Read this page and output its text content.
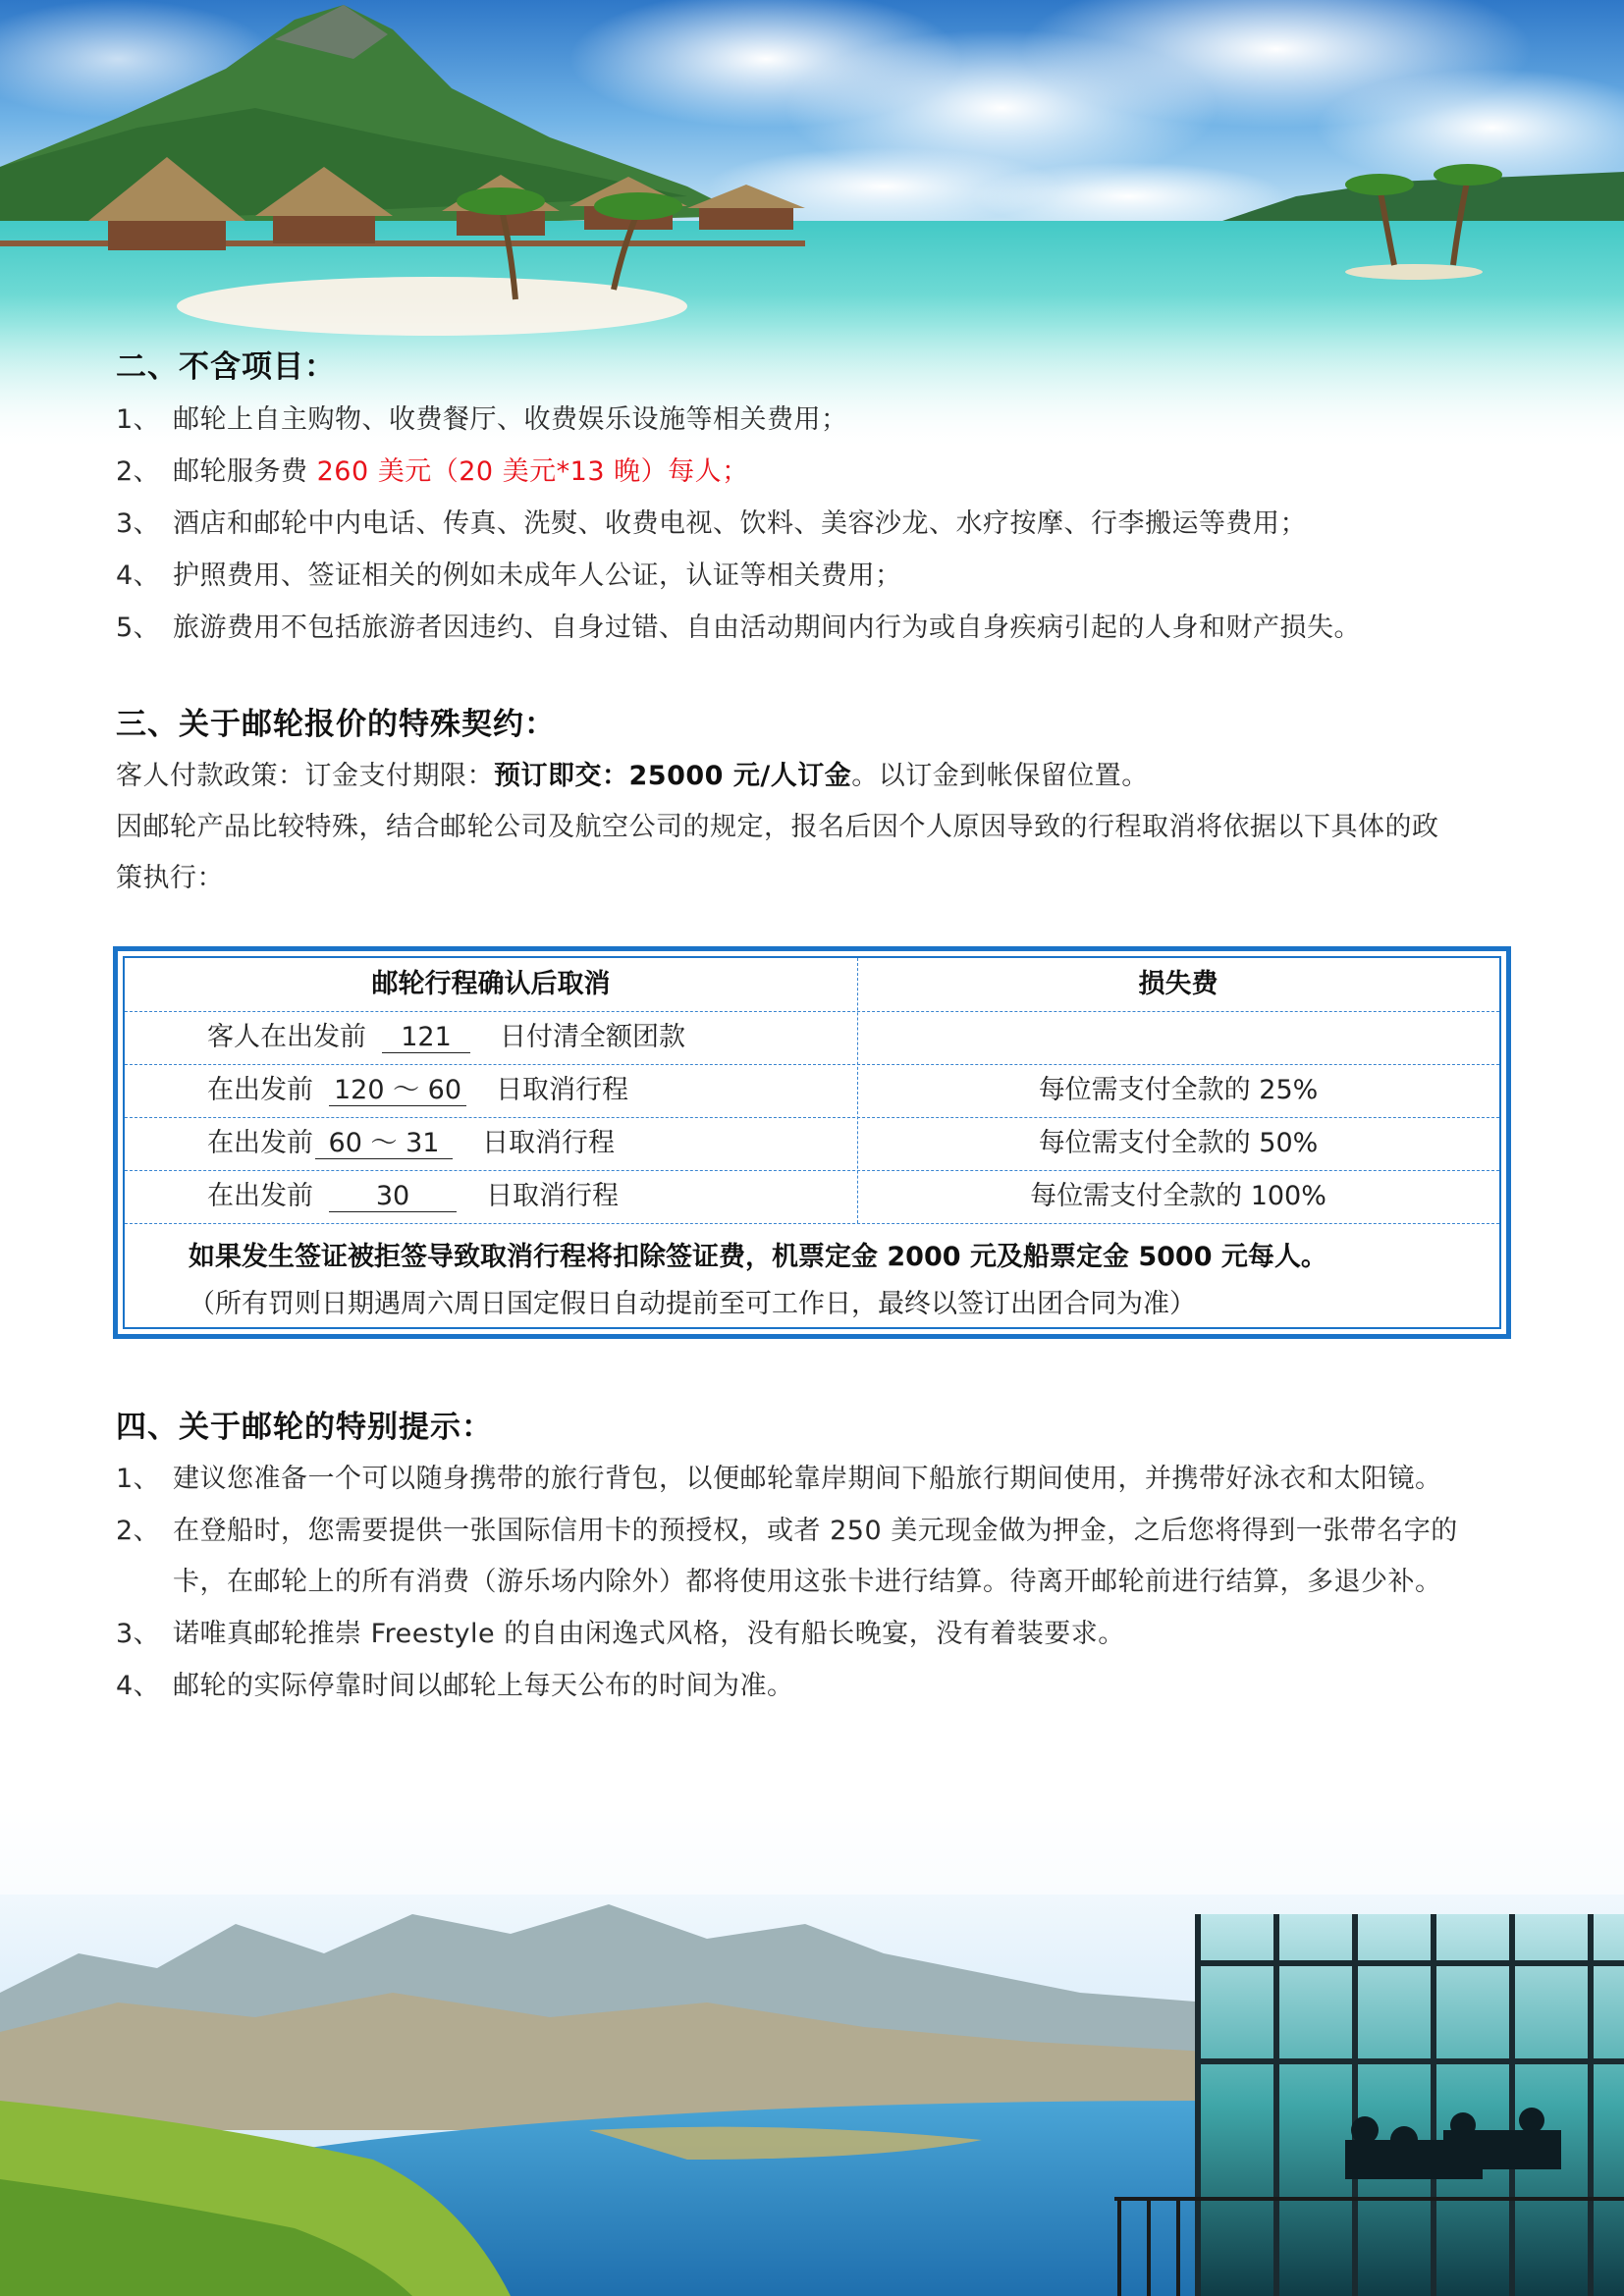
二、不含项目：
1、 邮轮上自主购物、收费餐厅、收费娱乐设施等相关费用；
2、 邮轮服务费 260 美元（20 美元*13 晚）每人；
3、 酒店和邮轮中内电话、传真、洗熨、收费电视、饮料、美容沙龙、水疗按摩、行李搬运等费用；
4、 护照费用、签证相关的例如未成年人公证，认证等相关费用；
5、 旅游费用不包括旅游者因违约、自身过错、自由活动期间内行为或自身疾病引起的人身和财产损失。
三、关于邮轮报价的特殊契约：
客人付款政策：订金支付期限：预订即交：25000 元/人订金。以订金到帐保留位置。
因邮轮产品比较特殊，结合邮轮公司及航空公司的规定，报名后因个人原因导致的行程取消将依据以下具体的政
策执行：
邮轮行程确认后取消	损失费
客人在出发前 121 日付清全额团款
在出发前 120 ～ 60 日取消行程	每位需支付全款的 25%
在出发前 60 ～ 31 日取消行程	每位需支付全款的 50%
在出发前 30	日取消行程	每位需支付全款的 100%
如果发生签证被拒签导致取消行程将扣除签证费，机票定金 2000 元及船票定金 5000 元每人。
（所有罚则日期遇周六周日国定假日自动提前至可工作日，最终以签订出团合同为准）
四、关于邮轮的特别提示：
1、 建议您准备一个可以随身携带的旅行背包，以便邮轮靠岸期间下船旅行期间使用，并携带好泳衣和太阳镜。
2、 在登船时，您需要提供一张国际信用卡的预授权，或者 250 美元现金做为押金，之后您将得到一张带名字的
卡，在邮轮上的所有消费（游乐场内除外）都将使用这张卡进行结算。待离开邮轮前进行结算，多退少补。
3、 诺唯真邮轮推崇 Freestyle 的自由闲逸式风格，没有船长晚宴，没有着装要求。
4、 邮轮的实际停靠时间以邮轮上每天公布的时间为准。
